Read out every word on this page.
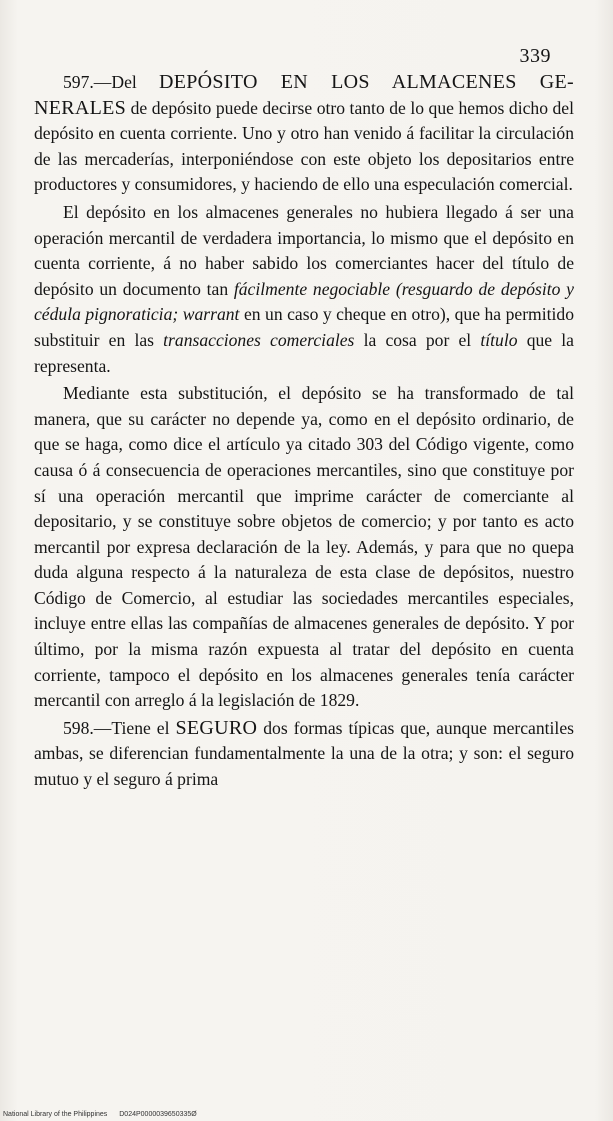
339

597.—Del DEPÓSITO EN LOS ALMACENES GE-NERALES de depósito puede decirse otro tanto de lo que hemos dicho del depósito en cuenta corriente. Uno y otro han venido á facilitar la circulación de las mercaderías, interponiéndose con este objeto los depositarios entre productores y consumidores, y haciendo de ello una especulación comercial.

El depósito en los almacenes generales no hubiera llegado á ser una operación mercantil de verdadera importancia, lo mismo que el depósito en cuenta corriente, á no haber sabido los comerciantes hacer del título de depósito un documento tan fácilmente negociable (resguardo de depósito y cédula pignoraticia; warrant en un caso y cheque en otro), que ha permitido substituir en las transacciones comerciales la cosa por el título que la representa.

Mediante esta substitución, el depósito se ha transformado de tal manera, que su carácter no depende ya, como en el depósito ordinario, de que se haga, como dice el artículo ya citado 303 del Código vigente, como causa ó á consecuencia de operaciones mercantiles, sino que constituye por sí una operación mercantil que imprime carácter de comerciante al depositario, y se constituye sobre objetos de comercio; y por tanto es acto mercantil por expresa declaración de la ley. Además, y para que no quepa duda alguna respecto á la naturaleza de esta clase de depósitos, nuestro Código de Comercio, al estudiar las sociedades mercantiles especiales, incluye entre ellas las compañías de almacenes generales de depósito. Y por último, por la misma razón expuesta al tratar del depósito en cuenta corriente, tampoco el depósito en los almacenes generales tenía carácter mercantil con arreglo á la legislación de 1829.

598.—Tiene el SEGURO dos formas típicas que, aunque mercantiles ambas, se diferencian fundamentalmente la una de la otra; y son: el seguro mutuo y el seguro á prima

National Library of the Philippines D024P0000039650335Ø
